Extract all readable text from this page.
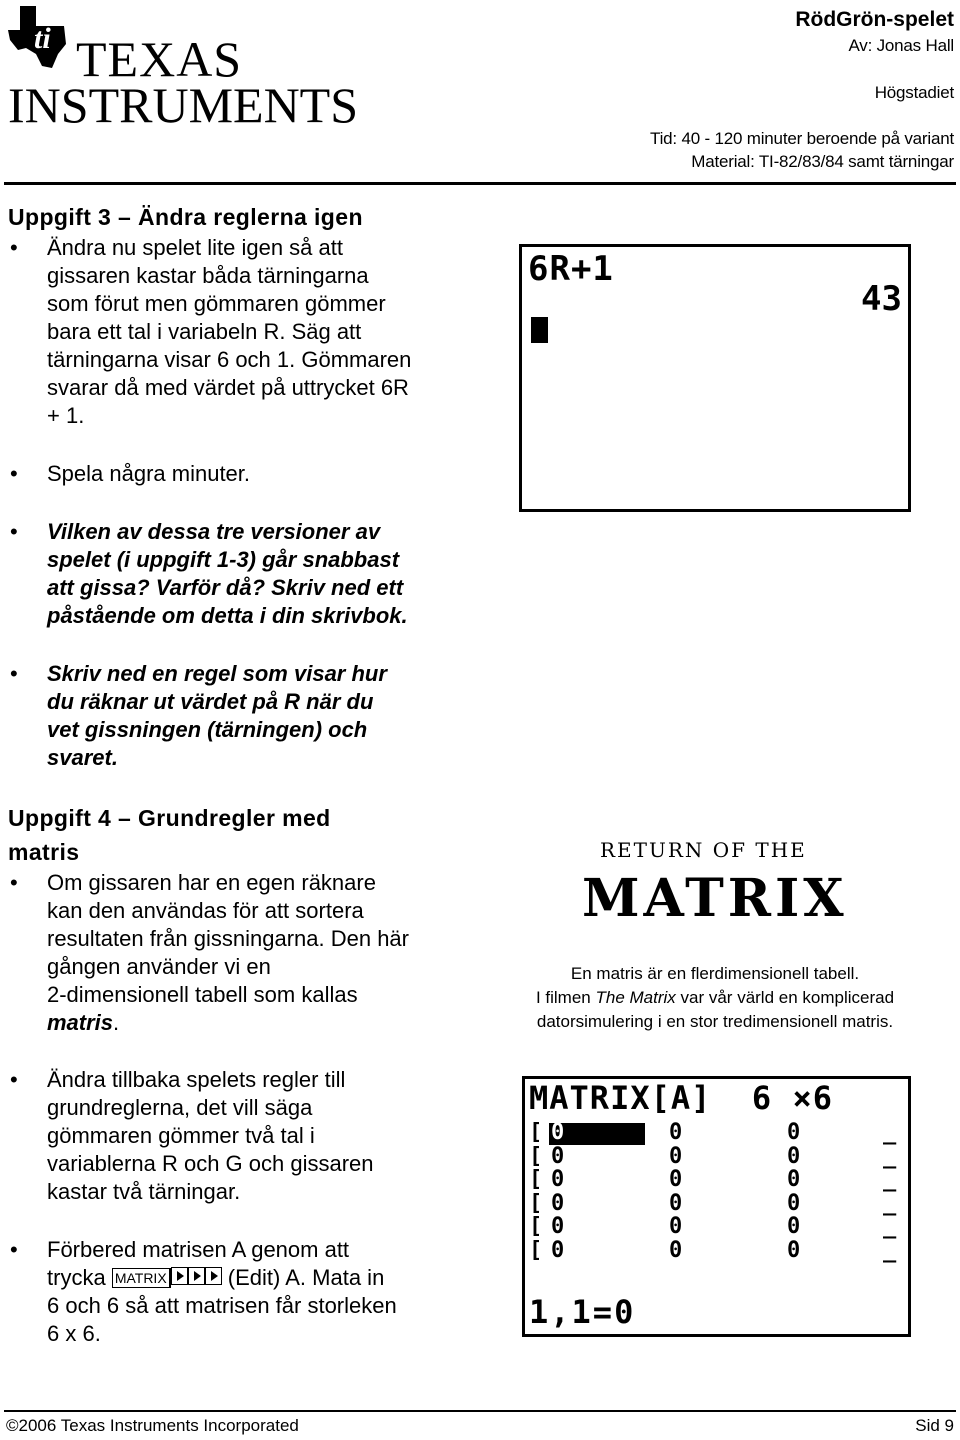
ti TEXAS
INSTRUMENTS
RödGrön-spelet
Av: Jonas Hall
Högstadiet
Tid: 40 - 120 minuter beroende på variant
Material: TI-82/83/84 samt tärningar
Uppgift 3 – Ändra reglerna igen
•	Ändra nu spelet lite igen så att
gissaren kastar båda tärningarna
som förut men gömmaren gömmer
bara ett tal i variabeln R. Säg att
tärningarna visar 6 och 1. Gömmaren
svarar då med värdet på uttrycket 6R
+ 1.
•	Spela några minuter.
•	Vilken av dessa tre versioner av
spelet (i uppgift 1-3) går snabbast
att gissa? Varför då? Skriv ned ett
påstående om detta i din skrivbok.
•	Skriv ned en regel som visar hur
du räknar ut värdet på R när du
vet gissningen (tärningen) och
svaret.
6R+1
43
Uppgift 4 – Grundregler med
matris
•	Om gissaren har en egen räknare
kan den användas för att sortera
resultaten från gissningarna. Den här
gången använder vi en
2-dimensionell tabell som kallas
matris.
•	Ändra tillbaka spelets regler till
grundreglerna, det vill säga
gömmaren gömmer två tal i
variablerna R och G och gissaren
kastar två tärningar.
•	Förbered matrisen A genom att
trycka MATRIX	(Edit) A. Mata in
6 och 6 så att matrisen får storleken
6 x 6.
RETURN OF THE
MATRIX
En matris är en flerdimensionell tabell.
I filmen The Matrix var vår värld en komplicerad
datorsimulering i en stor tredimensionell matris.
MATRIX[A]  6 ×6
[ 0	0	0	_
[ 0	0	0	_
[ 0	0	0	_
[ 0	0	0	_
[ 0	0	0	_
[ 0	0	0	_
1,1=0
©2006 Texas Instruments Incorporated	Sid 9
